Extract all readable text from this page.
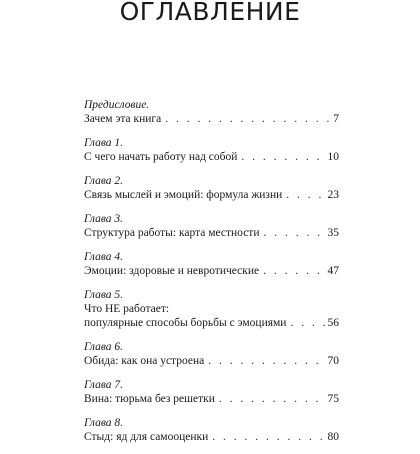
ОГЛАВЛЕНИЕ
Предисловие.
Зачем эта книга . . .	7
Глава 1.
С чего начать работу над собой . . .	10
Глава 2.
Связь мыслей и эмоций: формула жизни . . .	23
Глава 3.
Структура работы: карта местности . . .	35
Глава 4.
Эмоции: здоровые и невротические . . .	47
Глава 5.
Что НЕ работает:
популярные способы борьбы с эмоциями . . .	56
Глава 6.
Обида: как она устроена . . .	70
Глава 7.
Вина: тюрьма без решетки . . .	75
Глава 8.
Стыд: яд для самооценки . . .	80
